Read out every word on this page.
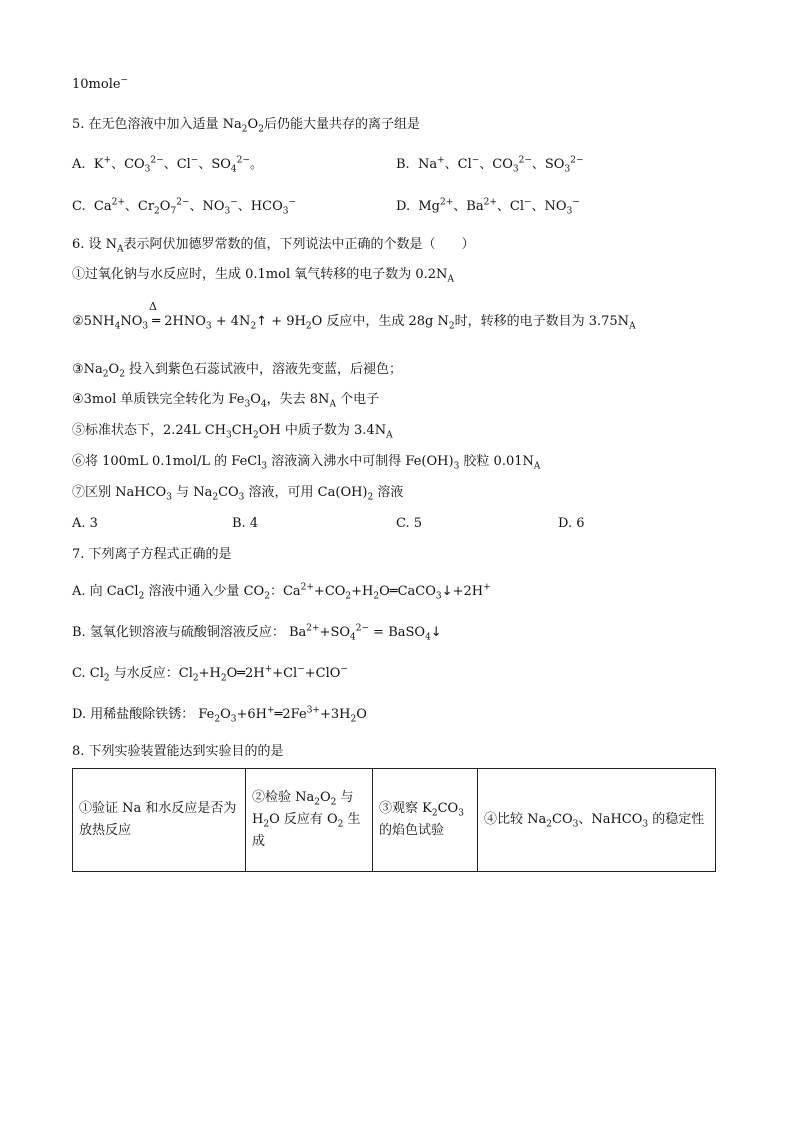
10mole−
5. 在无色溶液中加入适量 $Na_2O_2$后仍能大量共存的离子组是
A.  K+、$CO_3^{2-}$、Cl−、$SO_4^{2-}$。	B.  Na+、Cl−、$CO_3^{2-}$、$SO_3^{2-}$
C.  $Ca^{2+}$、$Cr_2O_7^{2-}$、$NO_3^-$、$HCO_3^-$	D.  $Mg^{2+}$、$Ba^{2+}$、Cl−、$NO_3^-$
6. 设 $N_A$表示阿伏加德罗常数的值，下列说法中正确的个数是（　　）
①过氧化钠与水反应时，生成 0.1mol 氧气转移的电子数为 $0.2N_A$
Δ
$②5NH_4NO_3$ ═ $2HNO_3$ + $4N_2↑ + 9H_2O$ 反应中，生成 28g $N_2$时，转移的电子数目为 $3.75N_A$
$③Na_2O_2$ 投入到紫色石蕊试液中，溶液先变蓝，后褪色；
④3mol 单质铁完全转化为 $Fe_3O_4$，失去 $8N_A$ 个电子
⑤标准状态下，2.24L $CH_3CH_2OH$ 中质子数为 $3.4N_A$
⑥将 100mL 0.1mol/L 的 FeCl$_3$ 溶液滴入沸水中可制得 $Fe(OH)_3$ 胶粒 $0.01N_A$
⑦区别 NaHCO$_3$ 与 $Na_2CO_3$ 溶液，可用 $Ca(OH)_2$ 溶液
A. 3	B. 4	C. 5	D. 6
7. 下列离子方程式正确的是
A. 向 CaCl$_2$ 溶液中通入少量 $CO_2$：$Ca^{2+}+CO_2+H_2O═CaCO_3↓+2H^+$
B. 氢氧化钡溶液与硫酸铜溶液反应： $Ba^{2+}+SO_4^{2-}$ = BaSO$_4$↓
C. $Cl_2$ 与水反应：$Cl_2+H_2O═2H^++Cl^-+ClO^-$
D. 用稀盐酸除铁锈： $Fe_2O_3+6H^+═2Fe^{3+}+3H_2O$
8. 下列实验装置能达到实验目的的是
①验证 Na 和水反应是否为放热反应	②检验 $Na_2O_2$ 与 $H_2O$ 反应有 $O_2$ 生成	③观察 $K_2CO_3$ 的焰色试验	④比较 $Na_2CO_3$、NaHCO$_3$ 的稳定性
